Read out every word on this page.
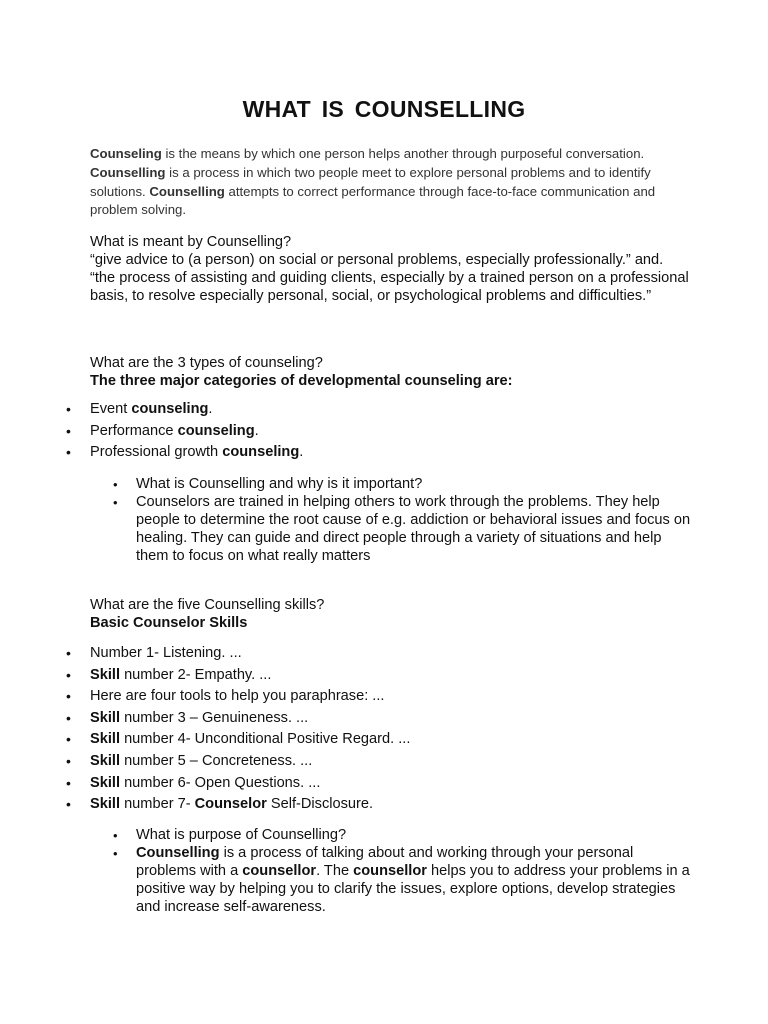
WHAT IS COUNSELLING
Counseling is the means by which one person helps another through purposeful conversation. Counselling is a process in which two people meet to explore personal problems and to identify solutions. Counselling attempts to correct performance through face-to-face communication and problem solving.

What is meant by Counselling?

“give advice to (a person) on social or personal problems, especially professionally.” and. “the process of assisting and guiding clients, especially by a trained person on a professional basis, to resolve especially personal, social, or psychological problems and difficulties.”

What are the 3 types of counseling?

The three major categories of developmental counseling are:

• Event counseling.
• Performance counseling.
• Professional growth counseling.
• What is Counselling and why is it important?
• Counselors are trained in helping others to work through the problems. They help people to determine the root cause of e.g. addiction or behavioral issues and focus on healing. They can guide and direct people through a variety of situations and help them to focus on what really matters

What are the five Counselling skills?

Basic Counselor Skills

• Number 1- Listening. ...
• Skill number 2- Empathy. ...
• Here are four tools to help you paraphrase: ...
• Skill number 3 – Genuineness. ...
• Skill number 4- Unconditional Positive Regard. ...
• Skill number 5 – Concreteness. ...
• Skill number 6- Open Questions. ...
• Skill number 7- Counselor Self-Disclosure.
• What is purpose of Counselling?
• Counselling is a process of talking about and working through your personal problems with a counsellor. The counsellor helps you to address your problems in a positive way by helping you to clarify the issues, explore options, develop strategies and increase self-awareness.
